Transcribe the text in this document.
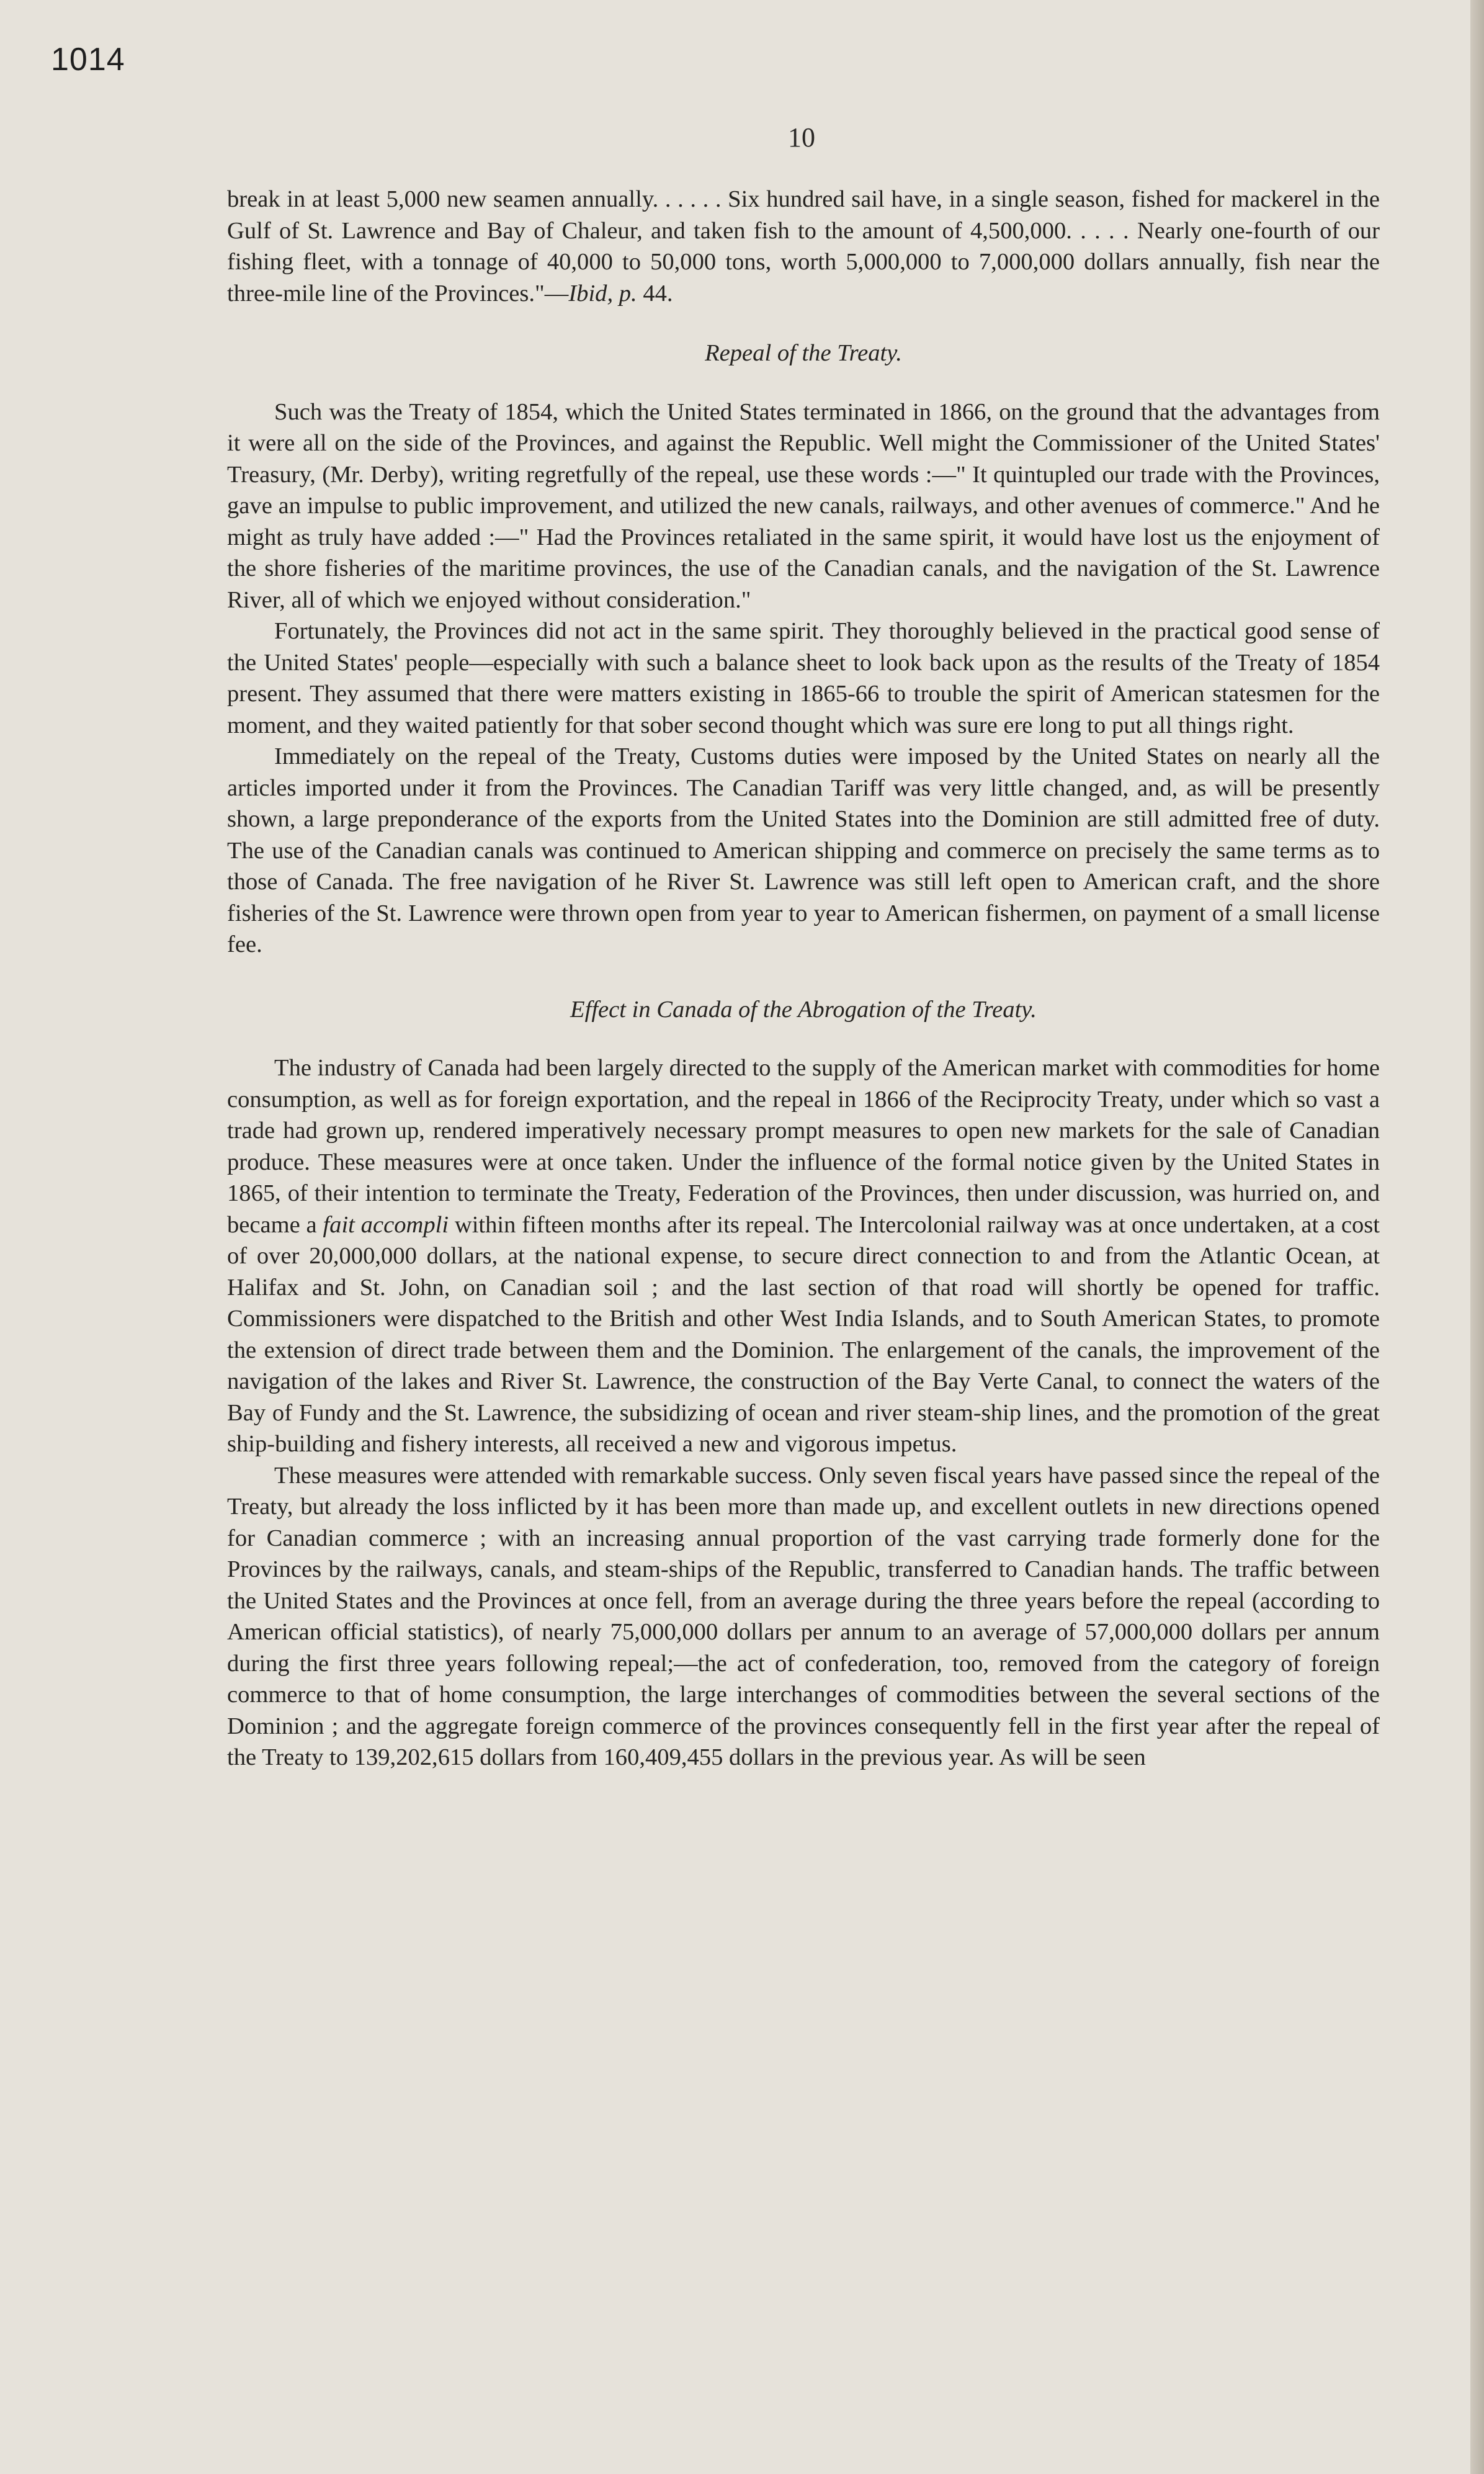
1014
10

break in at least 5,000 new seamen annually. . . . . . Six hundred sail have, in a single season, fished for mackerel in the Gulf of St. Lawrence and Bay of Chaleur, and taken fish to the amount of 4,500,000. . . . . Nearly one-fourth of our fishing fleet, with a tonnage of 40,000 to 50,000 tons, worth 5,000,000 to 7,000,000 dollars annually, fish near the three-mile line of the Provinces."—Ibid, p. 44.

Repeal of the Treaty.

Such was the Treaty of 1854, which the United States terminated in 1866, on the ground that the advantages from it were all on the side of the Provinces, and against the Republic. Well might the Commissioner of the United States' Treasury, (Mr. Derby), writing regretfully of the repeal, use these words :—" It quintupled our trade with the Provinces, gave an impulse to public improvement, and utilized the new canals, railways, and other avenues of commerce." And he might as truly have added :—" Had the Provinces retaliated in the same spirit, it would have lost us the enjoyment of the shore fisheries of the maritime provinces, the use of the Canadian canals, and the navigation of the St. Lawrence River, all of which we enjoyed without consideration."

Fortunately, the Provinces did not act in the same spirit. They thoroughly believed in the practical good sense of the United States' people—especially with such a balance sheet to look back upon as the results of the Treaty of 1854 present. They assumed that there were matters existing in 1865-66 to trouble the spirit of American statesmen for the moment, and they waited patiently for that sober second thought which was sure ere long to put all things right.

Immediately on the repeal of the Treaty, Customs duties were imposed by the United States on nearly all the articles imported under it from the Provinces. The Canadian Tariff was very little changed, and, as will be presently shown, a large preponderance of the exports from the United States into the Dominion are still admitted free of duty. The use of the Canadian canals was continued to American shipping and commerce on precisely the same terms as to those of Canada. The free navigation of he River St. Lawrence was still left open to American craft, and the shore fisheries of the St. Lawrence were thrown open from year to year to American fishermen, on payment of a small license fee.

Effect in Canada of the Abrogation of the Treaty.

The industry of Canada had been largely directed to the supply of the American market with commodities for home consumption, as well as for foreign exportation, and the repeal in 1866 of the Reciprocity Treaty, under which so vast a trade had grown up, rendered imperatively necessary prompt measures to open new markets for the sale of Canadian produce. These measures were at once taken. Under the influence of the formal notice given by the United States in 1865, of their intention to terminate the Treaty, Federation of the Provinces, then under discussion, was hurried on, and became a fait accompli within fifteen months after its repeal. The Intercolonial railway was at once undertaken, at a cost of over 20,000,000 dollars, at the national expense, to secure direct connection to and from the Atlantic Ocean, at Halifax and St. John, on Canadian soil ; and the last section of that road will shortly be opened for traffic. Commissioners were dispatched to the British and other West India Islands, and to South American States, to promote the extension of direct trade between them and the Dominion. The enlargement of the canals, the improvement of the navigation of the lakes and River St. Lawrence, the construction of the Bay Verte Canal, to connect the waters of the Bay of Fundy and the St. Lawrence, the subsidizing of ocean and river steam-ship lines, and the promotion of the great ship-building and fishery interests, all received a new and vigorous impetus.

These measures were attended with remarkable success. Only seven fiscal years have passed since the repeal of the Treaty, but already the loss inflicted by it has been more than made up, and excellent outlets in new directions opened for Canadian commerce ; with an increasing annual proportion of the vast carrying trade formerly done for the Provinces by the railways, canals, and steam-ships of the Republic, transferred to Canadian hands. The traffic between the United States and the Provinces at once fell, from an average during the three years before the repeal (according to American official statistics), of nearly 75,000,000 dollars per annum to an average of 57,000,000 dollars per annum during the first three years following repeal;—the act of confederation, too, removed from the category of foreign commerce to that of home consumption, the large interchanges of commodities between the several sections of the Dominion ; and the aggregate foreign commerce of the provinces consequently fell in the first year after the repeal of the Treaty to 139,202,615 dollars from 160,409,455 dollars in the previous year. As will be seen
